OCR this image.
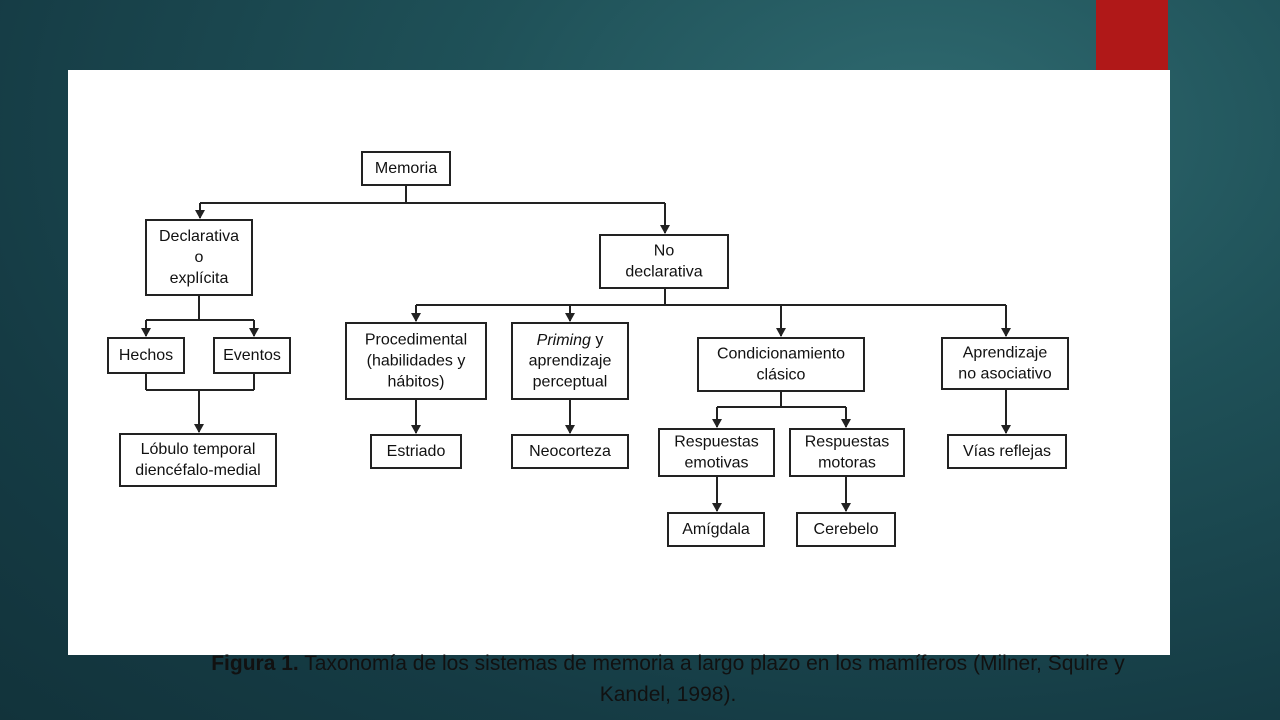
Memoria
Declarativa
o
explícita
No
declarativa
Hechos	Eventos
Lóbulo temporal
diencéfalo-medial
Procedimental
(habilidades y
hábitos)
Priming y
aprendizaje
perceptual
Condicionamiento
clásico
Aprendizaje
no asociativo
Estriado	Neocorteza
Respuestas
emotivas
Respuestas
motoras
Vías reflejas
Amígdala	Cerebelo
Figura 1. Taxonomía de los sistemas de memoria a largo plazo en los mamíferos (Milner, Squire y Kandel, 1998).
